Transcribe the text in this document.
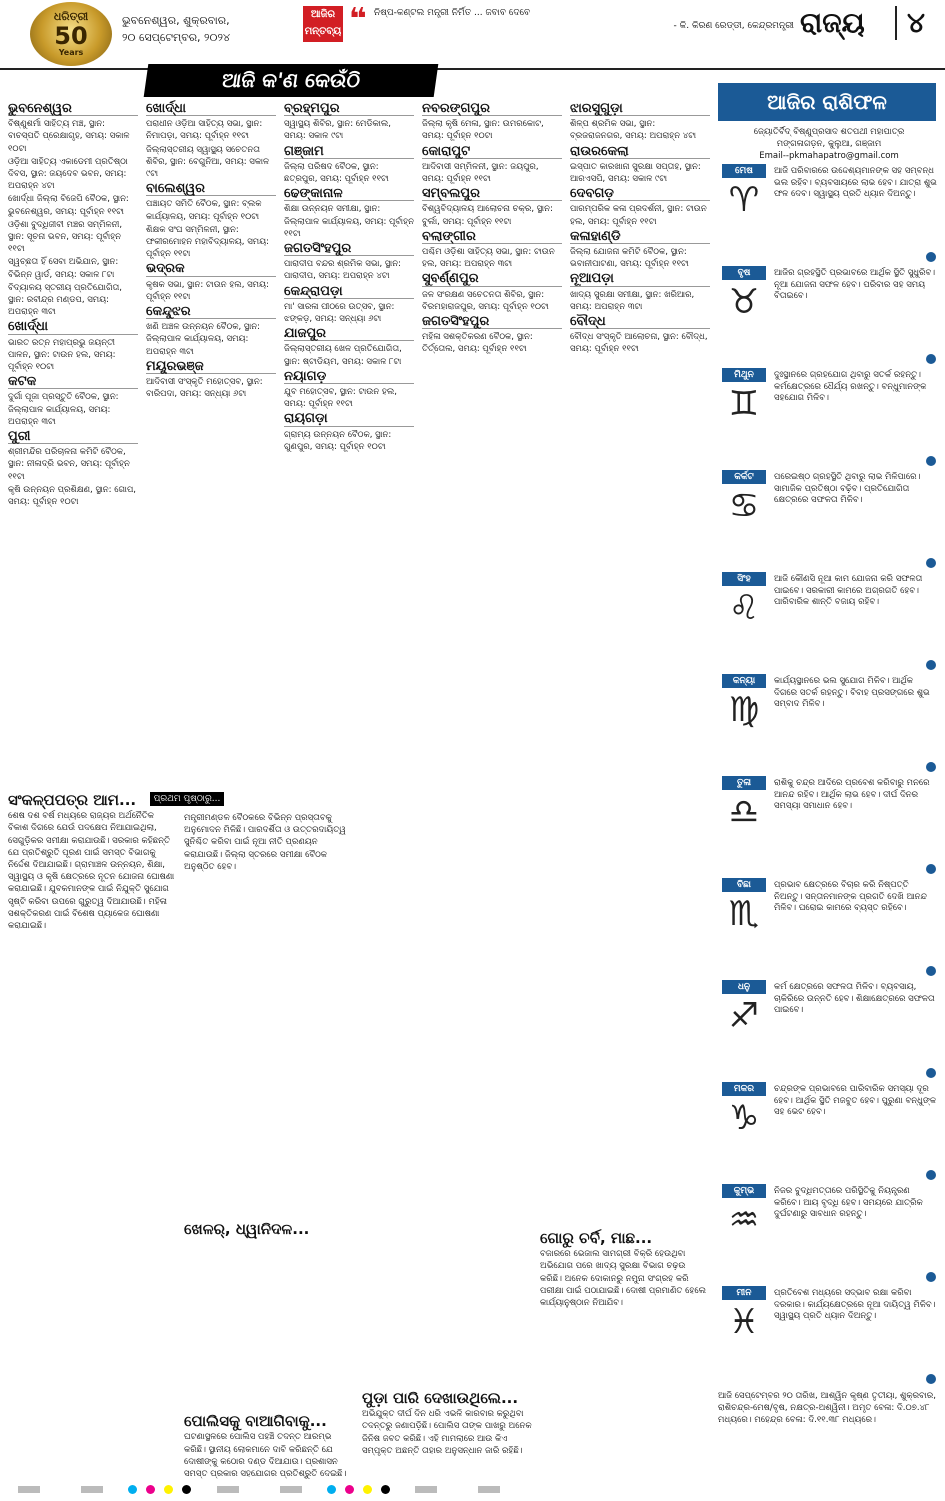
ଧରିତ୍ରୀ
50
Years
ଭୁବନେଶ୍ୱର, ଶୁକ୍ରବାର,
୨୦ ସେପ୍ଟେମ୍ବର, ୨୦୨୪
ଆଜିର ମନ୍ତବ୍ୟ ❝ ନିଷ୍ପ-କଣ୍ଟଲ ମନ୍ତ୍ରୀ ନିର୍ମିତ ... ଜବାବ ଦେବେ
- କି. କିରଣ ରେଡ୍ଡୀ, କେନ୍ଦ୍ରମନ୍ତ୍ରୀ ରାଜ୍ୟ	୪
ଆଜି କ'ଣ କେଉଁଠି
ଭୁବନେଶ୍ୱର
ବିଷ୍ଣୁଶର୍ମା ସାହିତ୍ୟ ମଞ୍ଚ, ସ୍ଥାନ: ବାଚସ୍ପତି ପ୍ରେକ୍ଷାଗୃହ, ସମୟ: ସକାଳ ୧୦ଟା
ଓଡ଼ିଆ ସାହିତ୍ୟ ଏକାଡେମୀ ପ୍ରତିଷ୍ଠା ଦିବସ, ସ୍ଥାନ: ଜୟଦେବ ଭବନ, ସମୟ: ଅପରାହ୍ନ ୪ଟା
ଖୋର୍ଦ୍ଧା ଜିଲ୍ଲା ବିଜେପି ବୈଠକ, ସ୍ଥାନ: ଭୁବନେଶ୍ୱର, ସମୟ: ପୂର୍ବାହ୍ନ ୧୧ଟା
ଓଡ଼ିଶା ବୁଦ୍ଧିଜୀବୀ ମଞ୍ଚର ସମ୍ମିଳନୀ, ସ୍ଥାନ: ସୂଚନା ଭବନ, ସମୟ: ପୂର୍ବାହ୍ନ ୧୧ଟା
ସ୍ୱଚ୍ଛତା ହିଁ ସେବା ଅଭିଯାନ, ସ୍ଥାନ: ବିଭିନ୍ନ ୱାର୍ଡ, ସମୟ: ସକାଳ ୮ଟା
ବିଦ୍ୟାଳୟ ସ୍ତରୀୟ ପ୍ରତିଯୋଗିତା, ସ୍ଥାନ: ରବୀନ୍ଦ୍ର ମଣ୍ଡପ, ସମୟ: ଅପରାହ୍ନ ୩ଟା
ଖୋର୍ଦ୍ଧା
ଭାରତ ରତ୍ନ ମହାପ୍ରଭୁ ଜୟନ୍ତୀ ପାଳନ, ସ୍ଥାନ: ଟାଉନ ହଲ, ସମୟ: ପୂର୍ବାହ୍ନ ୧୦ଟା
କଟକ
ଦୁର୍ଗା ପୂଜା ପ୍ରସ୍ତୁତି ବୈଠକ, ସ୍ଥାନ: ଜିଲ୍ଲାପାଳ କାର୍ଯ୍ୟାଳୟ, ସମୟ: ଅପରାହ୍ନ ୩ଟା
ପୁରୀ
ଶ୍ରୀମନ୍ଦିର ପରିଚାଳନା କମିଟି ବୈଠକ, ସ୍ଥାନ: ନୀଳାଦ୍ରି ଭବନ, ସମୟ: ପୂର୍ବାହ୍ନ ୧୧ଟା
କୃଷି ଉନ୍ନୟନ ପ୍ରଶିକ୍ଷଣ, ସ୍ଥାନ: ଗୋପ, ସମୟ: ପୂର୍ବାହ୍ନ ୧୦ଟା
ଖୋର୍ଦ୍ଧା
ପରାଧୀନ ଓଡ଼ିଆ ସାହିତ୍ୟ ସଭା, ସ୍ଥାନ: ନିମାପଡ଼ା, ସମୟ: ପୂର୍ବାହ୍ନ ୧୧ଟା
ଜିଲ୍ଲାସ୍ତରୀୟ ସ୍ୱାସ୍ଥ୍ୟ ସଚେତନତା ଶିବିର, ସ୍ଥାନ: ବେଗୁନିଆ, ସମୟ: ସକାଳ ୯ଟା
ବାଲେଶ୍ୱର
ପଞ୍ଚାୟତ ସମିତି ବୈଠକ, ସ୍ଥାନ: ବ୍ଲକ କାର୍ଯ୍ୟାଳୟ, ସମୟ: ପୂର୍ବାହ୍ନ ୧୦ଟା
ଶିକ୍ଷକ ସଂଘ ସମ୍ମିଳନୀ, ସ୍ଥାନ: ଫକୀରମୋହନ ମହାବିଦ୍ୟାଳୟ, ସମୟ: ପୂର୍ବାହ୍ନ ୧୧ଟା
ଭଦ୍ରକ
କୃଷକ ସଭା, ସ୍ଥାନ: ଟାଉନ ହଲ, ସମୟ: ପୂର୍ବାହ୍ନ ୧୧ଟା
କେନ୍ଦୁଝର
ଖଣି ଅଞ୍ଚଳ ଉନ୍ନୟନ ବୈଠକ, ସ୍ଥାନ: ଜିଲ୍ଲାପାଳ କାର୍ଯ୍ୟାଳୟ, ସମୟ: ଅପରାହ୍ନ ୩ଟା
ମୟୂରଭଞ୍ଜ
ଆଦିବାସୀ ସଂସ୍କୃତି ମହୋତ୍ସବ, ସ୍ଥାନ: ବାରିପଦା, ସମୟ: ସନ୍ଧ୍ୟା ୬ଟା
ବ୍ରହ୍ମପୁର
ସ୍ୱାସ୍ଥ୍ୟ ଶିବିର, ସ୍ଥାନ: ମେଡିକାଲ, ସମୟ: ସକାଳ ୯ଟା
ଗଞ୍ଜାମ
ଜିଲ୍ଲା ପରିଷଦ ବୈଠକ, ସ୍ଥାନ: ଛତ୍ରପୁର, ସମୟ: ପୂର୍ବାହ୍ନ ୧୧ଟା
ଢେଙ୍କାନାଳ
ଶିକ୍ଷା ଉନ୍ନୟନ ସମୀକ୍ଷା, ସ୍ଥାନ: ଜିଲ୍ଲାପାଳ କାର୍ଯ୍ୟାଳୟ, ସମୟ: ପୂର୍ବାହ୍ନ ୧୧ଟା
ଜଗତସିଂହପୁର
ପାରାଦୀପ ବନ୍ଦର ଶ୍ରମିକ ସଭା, ସ୍ଥାନ: ପାରାଦୀପ, ସମୟ: ଅପରାହ୍ନ ୪ଟା
କେନ୍ଦ୍ରାପଡ଼ା
ମା' ସାରଳା ପୀଠରେ ଉତ୍ସବ, ସ୍ଥାନ: ଝଙ୍କଡ଼, ସମୟ: ସନ୍ଧ୍ୟା ୬ଟା
ଯାଜପୁର
ଜିଲ୍ଲାସ୍ତରୀୟ ଖେଳ ପ୍ରତିଯୋଗିତା, ସ୍ଥାନ: ଷ୍ଟାଡିୟମ, ସମୟ: ସକାଳ ୮ଟା
ନୟାଗଡ଼
ଯୁବ ମହୋତ୍ସବ, ସ୍ଥାନ: ଟାଉନ ହଲ, ସମୟ: ପୂର୍ବାହ୍ନ ୧୧ଟା
ରାୟଗଡ଼ା
ଗ୍ରାମ୍ୟ ଉନ୍ନୟନ ବୈଠକ, ସ୍ଥାନ: ଗୁଣପୁର, ସମୟ: ପୂର୍ବାହ୍ନ ୧୦ଟା
ନବରଙ୍ଗପୁର
ଜିଲ୍ଲା କୃଷି ମେଳା, ସ୍ଥାନ: ଉମରକୋଟ, ସମୟ: ପୂର୍ବାହ୍ନ ୧୦ଟା
କୋରାପୁଟ
ଆଦିବାସୀ ସମ୍ମିଳନୀ, ସ୍ଥାନ: ଜୟପୁର, ସମୟ: ପୂର୍ବାହ୍ନ ୧୧ଟା
ସମ୍ବଲପୁର
ବିଶ୍ୱବିଦ୍ୟାଳୟ ଆଲୋଚନା ଚକ୍ର, ସ୍ଥାନ: ବୁର୍ଲା, ସମୟ: ପୂର୍ବାହ୍ନ ୧୧ଟା
ବଲାଙ୍ଗୀର
ପଶ୍ଚିମ ଓଡ଼ିଶା ସାହିତ୍ୟ ସଭା, ସ୍ଥାନ: ଟାଉନ ହଲ, ସମୟ: ଅପରାହ୍ନ ୩ଟା
ସୁବର୍ଣ୍ଣପୁର
ଜଳ ସଂରକ୍ଷଣ ସଚେତନତା ଶିବିର, ସ୍ଥାନ: ବିରମହାରାଜପୁର, ସମୟ: ପୂର୍ବାହ୍ନ ୧୦ଟା
ଜଗତସିଂହପୁର
ମହିଳା ସଶକ୍ତିକରଣ ବୈଠକ, ସ୍ଥାନ: ତିର୍ତ୍ତୋଲ, ସମୟ: ପୂର୍ବାହ୍ନ ୧୧ଟା
ଝାରସୁଗୁଡ଼ା
ଶିଳ୍ପ ଶ୍ରମିକ ସଭା, ସ୍ଥାନ: ବ୍ରଜରାଜନଗର, ସମୟ: ଅପରାହ୍ନ ୪ଟା
ରାଉରକେଲା
ଇସ୍ପାତ କାରଖାନା ସୁରକ୍ଷା ସପ୍ତାହ, ସ୍ଥାନ: ଆରଏସପି, ସମୟ: ସକାଳ ୯ଟା
ଦେବଗଡ଼
ପାରମ୍ପରିକ କଳା ପ୍ରଦର୍ଶନୀ, ସ୍ଥାନ: ଟାଉନ ହଲ, ସମୟ: ପୂର୍ବାହ୍ନ ୧୧ଟା
କଳାହାଣ୍ଡି
ଜିଲ୍ଲା ଯୋଜନା କମିଟି ବୈଠକ, ସ୍ଥାନ: ଭବାନୀପାଟଣା, ସମୟ: ପୂର୍ବାହ୍ନ ୧୧ଟା
ନୂଆପଡ଼ା
ଖାଦ୍ୟ ସୁରକ୍ଷା ସମୀକ୍ଷା, ସ୍ଥାନ: ଖରିଆର, ସମୟ: ଅପରାହ୍ନ ୩ଟା
ବୌଦ୍ଧ
ବୌଦ୍ଧ ସଂସ୍କୃତି ଆଲୋଚନା, ସ୍ଥାନ: ବୌଦ୍ଧ, ସମୟ: ପୂର୍ବାହ୍ନ ୧୧ଟା
ଆଜିର ରାଶିଫଳ
ଜ୍ୟୋତିର୍ବିଦ୍ ବିଷ୍ଣୁପ୍ରସାଦ ଶତପଥୀ ମହାପାତ୍ର
ମଙ୍ଗଳାଗଡ଼ନ, କୁଲୁଆ, ଗଞ୍ଜାମ
Email--pkmahapatro@gmail.com
ମେଷ
♈
ଆଜି ପରିବାରରେ ଉଦ୍ଦେଶ୍ୟମାନଙ୍କ ସହ ସମ୍ବନ୍ଧ ଭଲ ରହିବ। ବ୍ୟବସାୟରେ ଲାଭ ହେବ। ଯାତ୍ରା ଶୁଭ ଫଳ ଦେବ। ସ୍ୱାସ୍ଥ୍ୟ ପ୍ରତି ଧ୍ୟାନ ଦିଅନ୍ତୁ।
ବୃଷ
♉
ଆଜିର ଗ୍ରହସ୍ଥିତି ପ୍ରଭାବରେ ଆର୍ଥିକ ସ୍ଥିତି ସୁଧୁରିବ। ନୂଆ ଯୋଜନା ସଫଳ ହେବ। ପରିବାର ସହ ସମୟ ବିତାଇବେ।
ମିଥୁନ
♊
ଦୁଃସ୍ଥାନରେ ଗ୍ରହଯୋଗ ଥିବାରୁ ସତର୍କ ରହନ୍ତୁ। କର୍ମକ୍ଷେତ୍ରରେ ଧୈର୍ଯ୍ୟ ରଖନ୍ତୁ। ବନ୍ଧୁମାନଙ୍କ ସହଯୋଗ ମିଳିବ।
କର୍କଟ
♋
ପରେଇଷ୍ଠ ଗ୍ରହସ୍ଥିତି ଥିବାରୁ ଲାଭ ମିଳିପାରେ। ସାମାଜିକ ପ୍ରତିଷ୍ଠା ବଢ଼ିବ। ପ୍ରତିଯୋଗିତା କ୍ଷେତ୍ରରେ ସଫଳତା ମିଳିବ।
ସିଂହ
♌
ଆଜି କୌଣସି ନୂଆ କାମ ଯୋଜନା କରି ସଫଳତା ପାଇବେ। ସରକାରୀ କାମରେ ଅଗ୍ରଗତି ହେବ। ପାରିବାରିକ ଶାନ୍ତି ବଜାୟ ରହିବ।
କନ୍ୟା
♍
କାର୍ଯ୍ୟସ୍ଥାନରେ ଭଲ ସୁଯୋଗ ମିଳିବ। ଆର୍ଥିକ ଦିଗରେ ସତର୍କ ରହନ୍ତୁ। ବିବାହ ପ୍ରସଙ୍ଗରେ ଶୁଭ ସମ୍ବାଦ ମିଳିବ।
ତୁଳା
♎
ରାଶିକୁ ଚନ୍ଦ୍ର ଆଦିରେ ପ୍ରବେଶ କରିବାରୁ ମନରେ ଆନନ୍ଦ ରହିବ। ଆର୍ଥିକ ଲାଭ ହେବ। ଦୀର୍ଘ ଦିନର ସମସ୍ୟା ସମାଧାନ ହେବ।
ବିଛା
♏
ପ୍ରଭାବ କ୍ଷେତ୍ରରେ ବିଚାର କରି ନିଷ୍ପତ୍ତି ନିଅନ୍ତୁ। ସନ୍ତାନମାନଙ୍କ ପ୍ରଗତି ଦେଖି ଆନନ୍ଦ ମିଳିବ। ଘରୋଇ କାମରେ ବ୍ୟସ୍ତ ରହିବେ।
ଧନୁ
♐
କର୍ମ କ୍ଷେତ୍ରରେ ସଫଳତା ମିଳିବ। ବ୍ୟବସାୟ, ଚାକିରିରେ ଉନ୍ନତି ହେବ। ଶିକ୍ଷାକ୍ଷେତ୍ରରେ ସଫଳତା ପାଇବେ।
ମକର
♑
ଚନ୍ଦ୍ରଙ୍କ ପ୍ରଭାବରେ ପାରିବାରିକ ସମସ୍ୟା ଦୂର ହେବ। ଆର୍ଥିକ ସ୍ଥିତି ମଜବୁତ ହେବ। ପୁରୁଣା ବନ୍ଧୁଙ୍କ ସହ ଭେଟ ହେବ।
କୁମ୍ଭ
♒
ନିଜର ବୁଦ୍ଧିମତ୍ତାରେ ପରିସ୍ଥିତିକୁ ନିୟନ୍ତ୍ରଣ କରିବେ। ଆୟ ବୃଦ୍ଧି ହେବ। ସମୟରେ ଯାତ୍ରିକ ଦୁର୍ଘଟଣାରୁ ସାବଧାନ ରହନ୍ତୁ।
ମୀନ
♓
ପ୍ରତିବେଶ ମଧ୍ୟରେ ସଦ୍ଭାବ ରକ୍ଷା କରିବା ଦରକାର। କାର୍ଯ୍ୟକ୍ଷେତ୍ରରେ ନୂଆ ଦାୟିତ୍ୱ ମିଳିବ। ସ୍ୱାସ୍ଥ୍ୟ ପ୍ରତି ଧ୍ୟାନ ଦିଅନ୍ତୁ।
ଆଜି ସେପ୍ଟେମ୍ବର ୨୦ ତାରିଖ, ଆଶ୍ୱିନ କୃଷ୍ଣ ତୃତୀୟା, ଶୁକ୍ରବାର, ରାଶିଚନ୍ଦ୍ର-ମେଷ/ବୃଷ, ନକ୍ଷତ୍ର-ଅଶ୍ୱିନୀ। ଅମୃତ ବେଳା: ଦି.୦୭.୪୮ ମଧ୍ୟରେ। ମହେନ୍ଦ୍ର ବେଳା: ଦି.୧୧.୩୮ ମଧ୍ୟରେ।
ପ୍ରଥମ ପୃଷ୍ଠାରୁ...
ସଂକଳ୍ପପତ୍ର ଆମ...
ଶେଷ ଦଶ ବର୍ଷ ମଧ୍ୟରେ ରାଜ୍ୟର ଅର୍ଥନୈତିକ ବିକାଶ ଦିଗରେ ଯେଉଁ ପଦକ୍ଷେପ ନିଆଯାଇଥିଲା, ସେଗୁଡ଼ିକର ସମୀକ୍ଷା କରାଯାଉଛି। ସରକାର କହିଛନ୍ତି ଯେ ପ୍ରତିଶ୍ରୁତି ପୂରଣ ପାଇଁ ସମସ୍ତ ବିଭାଗକୁ ନିର୍ଦ୍ଦେଶ ଦିଆଯାଇଛି। ଗ୍ରାମାଞ୍ଚଳ ଉନ୍ନୟନ, ଶିକ୍ଷା, ସ୍ୱାସ୍ଥ୍ୟ ଓ କୃଷି କ୍ଷେତ୍ରରେ ନୂତନ ଯୋଜନା ଘୋଷଣା କରାଯାଇଛି। ଯୁବକମାନଙ୍କ ପାଇଁ ନିଯୁକ୍ତି ସୁଯୋଗ ସୃଷ୍ଟି କରିବା ଉପରେ ଗୁରୁତ୍ୱ ଦିଆଯାଉଛି। ମହିଳା ସଶକ୍ତିକରଣ ପାଇଁ ବିଶେଷ ପ୍ୟାକେଜ ଘୋଷଣା କରାଯାଇଛି।
ମନ୍ତ୍ରୀମଣ୍ଡଳ ବୈଠକରେ ବିଭିନ୍ନ ପ୍ରସ୍ତାବକୁ ଅନୁମୋଦନ ମିଳିଛି। ପାରଦର୍ଶିତା ଓ ଉତ୍ତରଦାୟିତ୍ୱ ସୁନିଶ୍ଚିତ କରିବା ପାଇଁ ନୂଆ ନୀତି ପ୍ରଣୟନ କରାଯାଉଛି। ଜିଲ୍ଲା ସ୍ତରରେ ସମୀକ୍ଷା ବୈଠକ ଅନୁଷ୍ଠିତ ହେବ।
ଖେଳର୍, ଧ୍ୱାନିଦଳ...
ପୋଲିସକୁ ବାଆଗିବାକୁ...
ଘଟଣାସ୍ଥଳରେ ପୋଲିସ ପହଞ୍ଚି ତଦନ୍ତ ଆରମ୍ଭ କରିଛି। ସ୍ଥାନୀୟ ଲୋକମାନେ ଦାବି କରିଛନ୍ତି ଯେ ଦୋଷୀଙ୍କୁ କଠୋର ଦଣ୍ଡ ଦିଆଯାଉ। ପ୍ରଶାସନ ସମସ୍ତ ପ୍ରକାର ସହଯୋଗର ପ୍ରତିଶ୍ରୁତି ଦେଇଛି।
ପୁଡ଼ା ପାରି ଦେଖାଉଥିଲେ...
ଅଭିଯୁକ୍ତ ଦୀର୍ଘ ଦିନ ଧରି ଏଭଳି କାରବାର କରୁଥିବା ତଦନ୍ତରୁ ଜଣାପଡ଼ିଛି। ପୋଲିସ ତାଙ୍କ ପାଖରୁ ଅନେକ ଜିନିଷ ଜବତ କରିଛି। ଏହି ମାମଲାରେ ଆଉ କିଏ ସମ୍ପୃକ୍ତ ଅଛନ୍ତି ତାହାର ଅନୁସନ୍ଧାନ ଜାରି ରହିଛି।
ଗୋରୁ ଚର୍ବି, ମାଛ...
ବଜାରରେ ଭେଜାଲ ସାମଗ୍ରୀ ବିକ୍ରି ହେଉଥିବା ଅଭିଯୋଗ ପରେ ଖାଦ୍ୟ ସୁରକ୍ଷା ବିଭାଗ ଚଢ଼ଉ କରିଛି। ଅନେକ ଦୋକାନରୁ ନମୁନା ସଂଗ୍ରହ କରି ପରୀକ୍ଷା ପାଇଁ ପଠାଯାଇଛି। ଦୋଷୀ ପ୍ରମାଣିତ ହେଲେ କାର୍ଯ୍ୟାନୁଷ୍ଠାନ ନିଆଯିବ।
